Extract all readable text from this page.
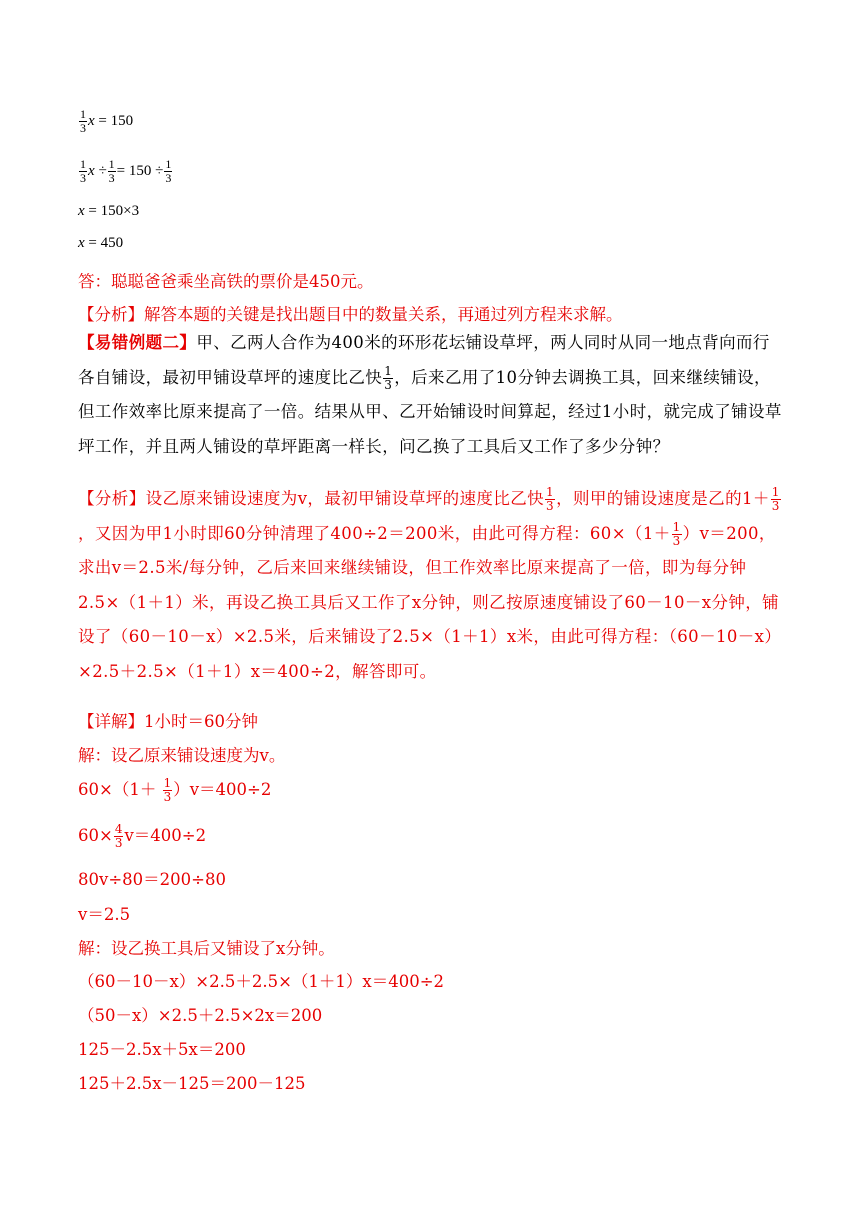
$\frac{1}{3}$ x = 150
$\frac{1}{3}$ $x \div \frac{1}{3} = 150 \div \frac{1}{3}$
x = 150×3
x = 450
答：聪聪爸爸乘坐高铁的票价是450元。
【分析】解答本题的关键是找出题目中的数量关系，再通过列方程来求解。
【易错例题二】甲、乙两人合作为400米的环形花坛铺设草坪，两人同时从同一地点背向而行各自铺设，最初甲铺设草坪的速度比乙快 $\frac{1}{3}$ ，后来乙用了10分钟去调换工具，回来继续铺设，但工作效率比原来提高了一倍。结果从甲、乙开始铺设时间算起，经过1小时，就完成了铺设草坪工作，并且两人铺设的草坪距离一样长，问乙换了工具后又工作了多少分钟？
【分析】设乙原来铺设速度为v，最初甲铺设草坪的速度比乙快 $\frac{1}{3}$ ，则甲的铺设速度是乙的$1+ \frac{1}{3}$
，又因为甲1小时即60分钟清理了400÷2＝200米，由此可得方程：$60\times(1+ \frac{1}{3} )v=200$，求出v＝2.5米/每分钟，乙后来回来继续铺设，但工作效率比原来提高了一倍，即为每分钟2.5×（1＋1）米，再设乙换工具后又工作了x分钟，则乙按原速度铺设了60－10－x分钟，铺设了（60－10－x）×2.5米，后来铺设了2.5×（1＋1）x米，由此可得方程：（60－10－x）×2.5＋2.5×（1＋1）x＝400÷2，解答即可。
【详解】1小时＝60分钟
解：设乙原来铺设速度为v。
$60\times(1+ \frac{1}{3} )v=400\div 2$
$60\times \frac{4}{3} v=400\div 2$
80v÷80＝200÷80
v＝2.5
解：设乙换工具后又铺设了x分钟。
（60－10－x）×2.5＋2.5×（1＋1）x＝400÷2
（50－x）×2.5＋2.5×2x＝200
125－2.5x＋5x＝200
125＋2.5x－125＝200－125
